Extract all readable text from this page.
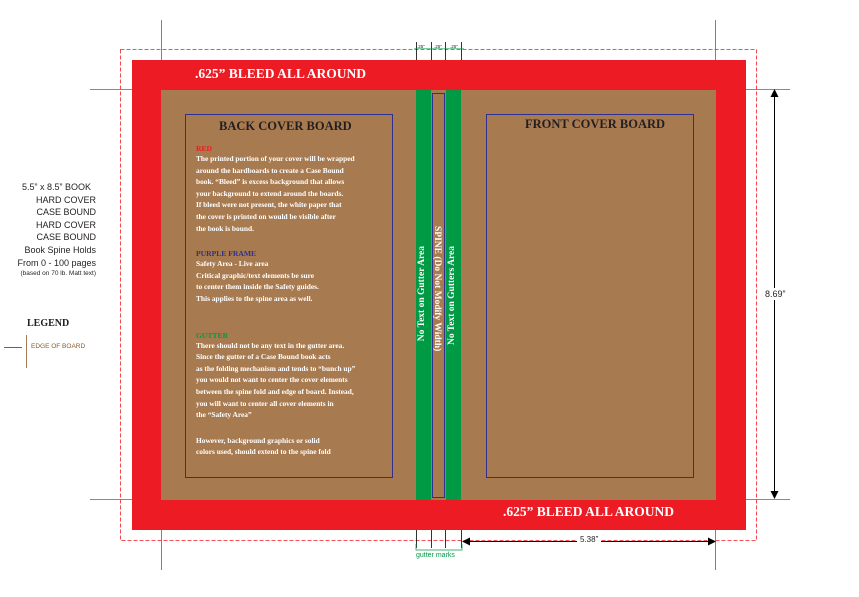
.625” BLEED ALL AROUND
.625” BLEED ALL AROUND
No Text on Gutter Area SPINE (Do Not Modify Width) No Text on Gutters Area
BACK COVER BOARD	FRONT COVER BOARD
RED
The printed portion of your cover will be wrapped
around the hardboards to create a Case Bound
book. “Bleed” is excess background that allows
your background to extend around the boards.
If bleed were not present, the white paper that
the cover is printed on would be visible after
the book is bound.
PURPLE FRAME
Safety Area - Live area
Critical graphic/text elements be sure
to center them inside the Safety guides.
This applies to the spine area as well.
GUTTER
There should not be any text in the gutter area.
Since the gutter of a Case Bound book acts
as the folding mechanism and tends to “bunch up”
you would not want to center the cover elements
between the spine fold and edge of board. Instead,
you will want to center all cover elements in
the “Safety Area”
However, background graphics or solid
colors used, should extend to the spine fold
5.5” x 8.5” BOOK
HARD COVER
CASE BOUND
HARD COVER
CASE BOUND
Book Spine Holds
From 0 - 100 pages
(based on 70 lb. Matt text)
LEGEND
EDGE OF BOARD
8.69”
5.38”
.25” .25” .25”
gutter marks
